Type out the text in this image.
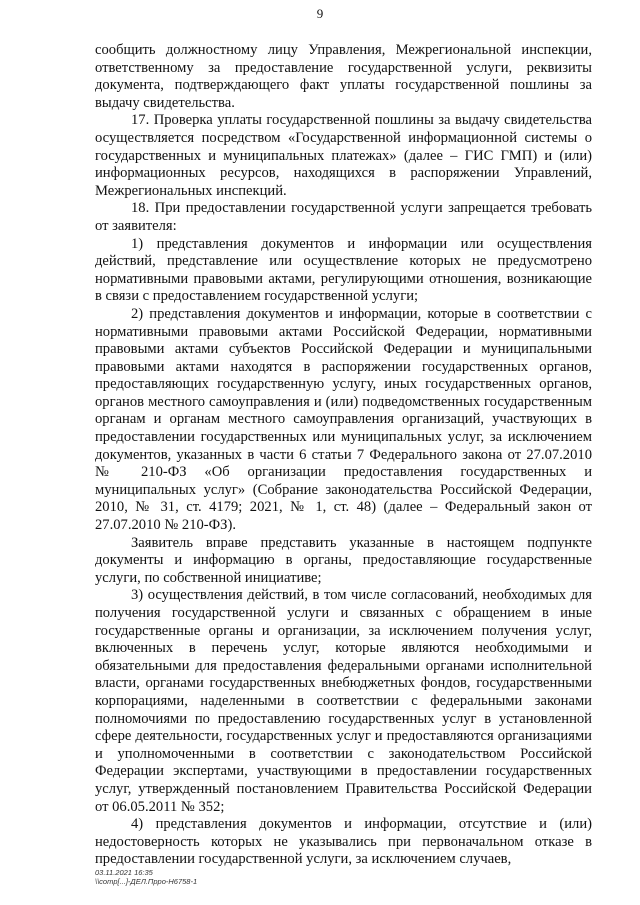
9

сообщить должностному лицу Управления, Межрегиональной инспекции, ответственному за предоставление государственной услуги, реквизиты документа, подтверждающего факт уплаты государственной пошлины за выдачу свидетельства.

17. Проверка уплаты государственной пошлины за выдачу свидетельства осуществляется посредством «Государственной информационной системы о государственных и муниципальных платежах» (далее – ГИС ГМП) и (или) информационных ресурсов, находящихся в распоряжении Управлений, Межрегиональных инспекций.

18. При предоставлении государственной услуги запрещается требовать от заявителя:

1) представления документов и информации или осуществления действий, представление или осуществление которых не предусмотрено нормативными правовыми актами, регулирующими отношения, возникающие в связи с предоставлением государственной услуги;

2) представления документов и информации, которые в соответствии с нормативными правовыми актами Российской Федерации, нормативными правовыми актами субъектов Российской Федерации и муниципальными правовыми актами находятся в распоряжении государственных органов, предоставляющих государственную услугу, иных государственных органов, органов местного самоуправления и (или) подведомственных государственным органам и органам местного самоуправления организаций, участвующих в предоставлении государственных или муниципальных услуг, за исключением документов, указанных в части 6 статьи 7 Федерального закона от 27.07.2010 № 210-ФЗ «Об организации предоставления государственных и муниципальных услуг» (Собрание законодательства Российской Федерации, 2010, № 31, ст. 4179; 2021, № 1, ст. 48) (далее – Федеральный закон от 27.07.2010 № 210-ФЗ).

Заявитель вправе представить указанные в настоящем подпункте документы и информацию в органы, предоставляющие государственные услуги, по собственной инициативе;

3) осуществления действий, в том числе согласований, необходимых для получения государственной услуги и связанных с обращением в иные государственные органы и организации, за исключением получения услуг, включенных в перечень услуг, которые являются необходимыми и обязательными для предоставления федеральными органами исполнительной власти, органами государственных внебюджетных фондов, государственными корпорациями, наделенными в соответствии с федеральными законами полномочиями по предоставлению государственных услуг в установленной сфере деятельности, государственных услуг и предоставляются организациями и уполномоченными в соответствии с законодательством Российской Федерации экспертами, участвующими в предоставлении государственных услуг, утвержденный постановлением Правительства Российской Федерации от 06.05.2011 № 352;

4) представления документов и информации, отсутствие и (или) недостоверность которых не указывались при первоначальном отказе в предоставлении государственной услуги, за исключением случаев,

03.11.2021 16:35
\\comp[...]-ДЕЛ.Прро-Н6758-1
